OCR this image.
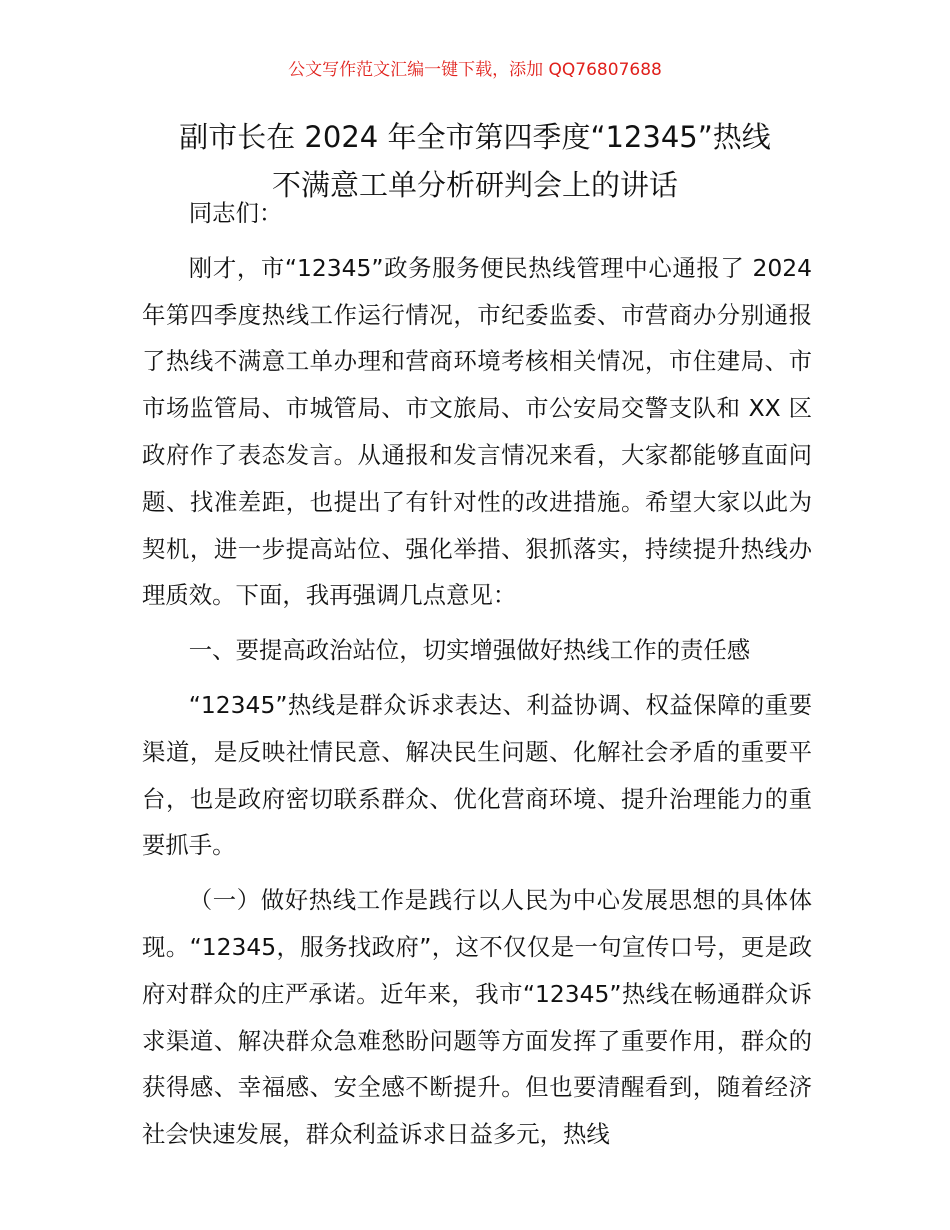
公文写作范文汇编一键下载，添加 QQ76807688
副市长在 2024 年全市第四季度“12345”热线
不满意工单分析研判会上的讲话

同志们：

刚才，市“12345”政务服务便民热线管理中心通报了 2024 年第四季度热线工作运行情况，市纪委监委、市营商办分别通报了热线不满意工单办理和营商环境考核相关情况，市住建局、市市场监管局、市城管局、市文旅局、市公安局交警支队和 XX 区政府作了表态发言。从通报和发言情况来看，大家都能够直面问题、找准差距，也提出了有针对性的改进措施。希望大家以此为契机，进一步提高站位、强化举措、狠抓落实，持续提升热线办理质效。下面，我再强调几点意见：

一、要提高政治站位，切实增强做好热线工作的责任感

“12345”热线是群众诉求表达、利益协调、权益保障的重要渠道，是反映社情民意、解决民生问题、化解社会矛盾的重要平台，也是政府密切联系群众、优化营商环境、提升治理能力的重要抓手。

（一）做好热线工作是践行以人民为中心发展思想的具体体现。“12345，服务找政府”，这不仅仅是一句宣传口号，更是政府对群众的庄严承诺。近年来，我市“12345”热线在畅通群众诉求渠道、解决群众急难愁盼问题等方面发挥了重要作用，群众的获得感、幸福感、安全感不断提升。但也要清醒看到，随着经济社会快速发展，群众利益诉求日益多元，热线
